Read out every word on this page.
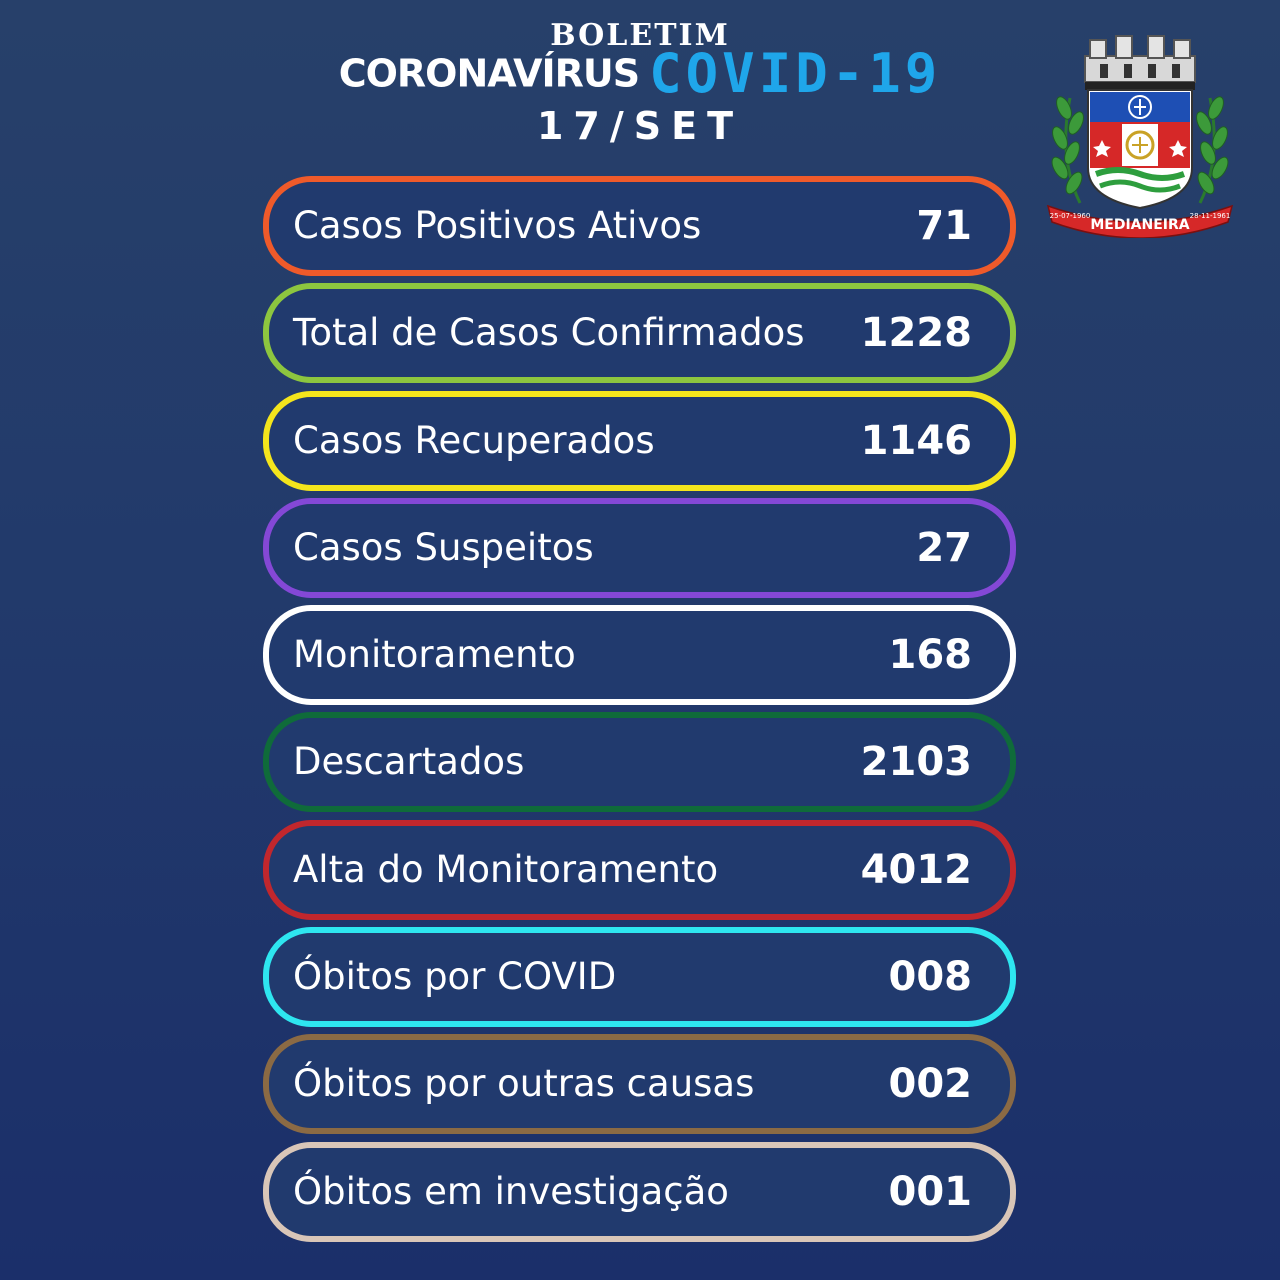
BOLETIM
CORONAVÍRUS COVID-19
17/SET
MEDIANEIRA
25-07-1960	28-11-1961
Casos Positivos Ativos	71
Total de Casos Confirmados 1228
Casos Recuperados	1146
Casos Suspeitos	27
Monitoramento	168
Descartados	2103
Alta do Monitoramento	4012
Óbitos por COVID	008
Óbitos por outras causas	002
Óbitos em investigação	001
